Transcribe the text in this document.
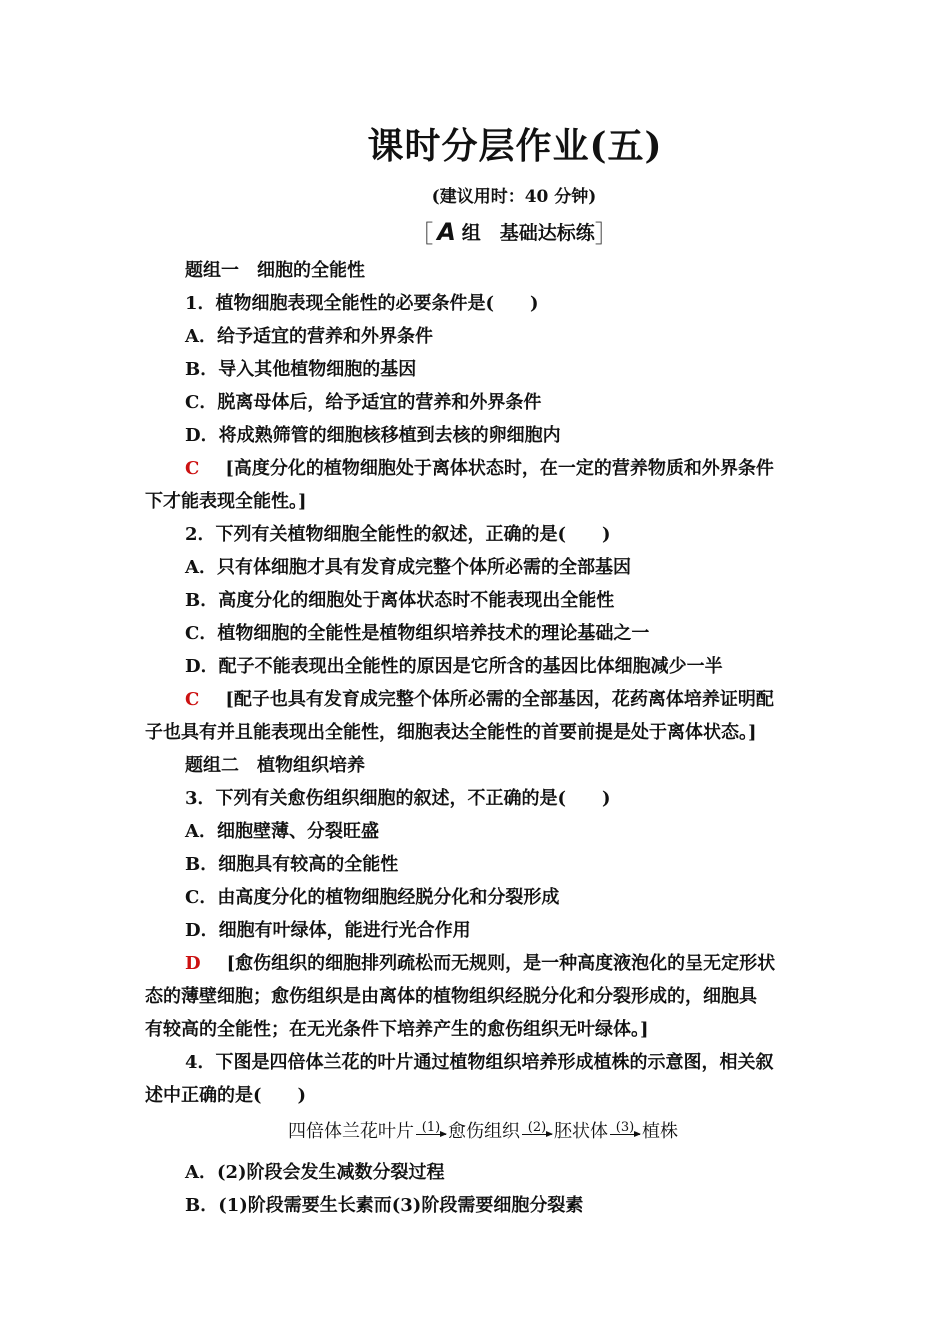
课时分层作业(五)
(建议用时：40 分钟)
［ A 组　基础达标练 ］
题组一　细胞的全能性
1．植物细胞表现全能性的必要条件是(　　)
A．给予适宜的营养和外界条件
B．导入其他植物细胞的基因
C．脱离母体后，给予适宜的营养和外界条件
D．将成熟筛管的细胞核移植到去核的卵细胞内
C [高度分化的植物细胞处于离体状态时，在一定的营养物质和外界条件
下才能表现全能性。]
2．下列有关植物细胞全能性的叙述，正确的是(　　)
A．只有体细胞才具有发育成完整个体所必需的全部基因
B．高度分化的细胞处于离体状态时不能表现出全能性
C．植物细胞的全能性是植物组织培养技术的理论基础之一
D．配子不能表现出全能性的原因是它所含的基因比体细胞减少一半
C [配子也具有发育成完整个体所必需的全部基因，花药离体培养证明配
子也具有并且能表现出全能性，细胞表达全能性的首要前提是处于离体状态。]
题组二　植物组织培养
3．下列有关愈伤组织细胞的叙述，不正确的是(　　)
A．细胞壁薄、分裂旺盛
B．细胞具有较高的全能性
C．由高度分化的植物细胞经脱分化和分裂形成
D．细胞有叶绿体，能进行光合作用
D [愈伤组织的细胞排列疏松而无规则，是一种高度液泡化的呈无定形状
态的薄壁细胞；愈伤组织是由离体的植物组织经脱分化和分裂形成的，细胞具
有较高的全能性；在无光条件下培养产生的愈伤组织无叶绿体。]
4．下图是四倍体兰花的叶片通过植物组织培养形成植株的示意图，相关叙
述中正确的是(　　)
四倍体兰花叶片 (1) 愈伤组织 (2) 胚状体 (3) 植株
A．(2)阶段会发生减数分裂过程
B．(1)阶段需要生长素而(3)阶段需要细胞分裂素
